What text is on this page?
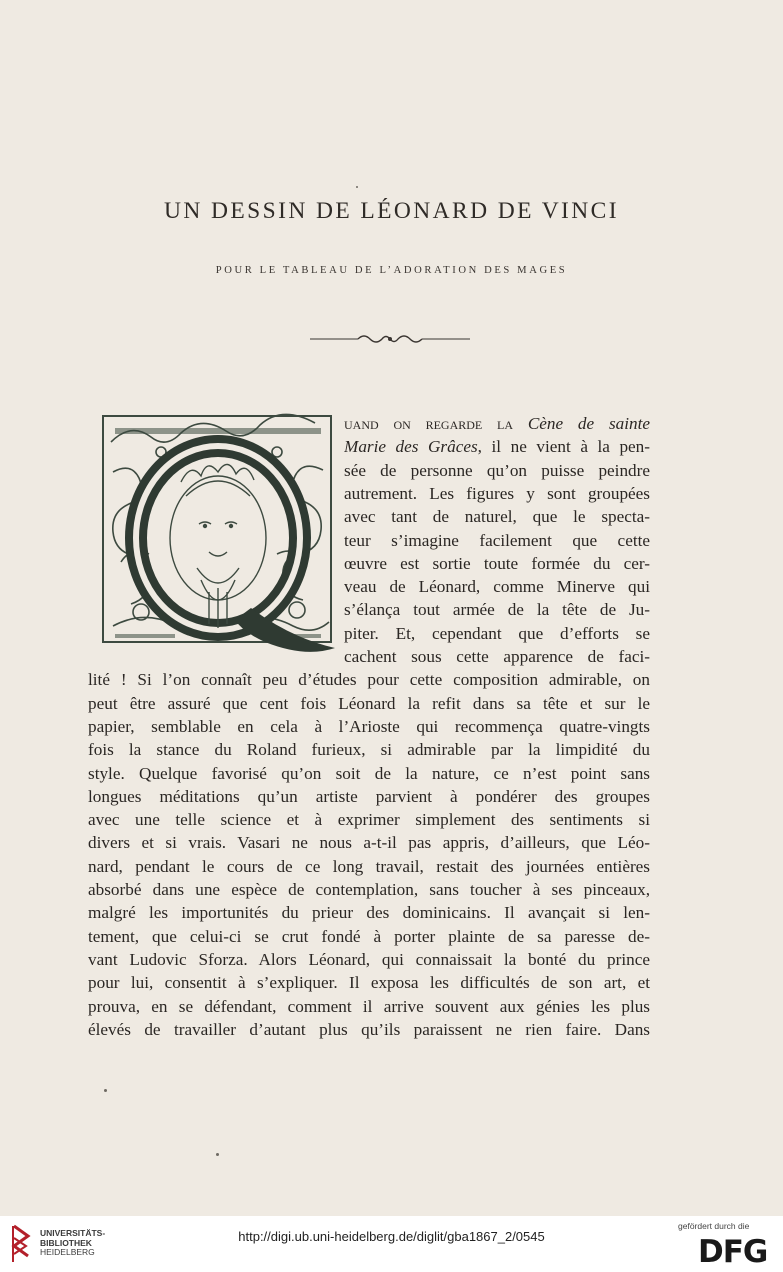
UN DESSIN DE LÉONARD DE VINCI
POUR LE TABLEAU DE L’ADORATION DES MAGES
uand on regarde la Cène de sainte
Marie des Grâces, il ne vient à la pen-
sée de personne qu’on puisse peindre
autrement. Les figures y sont groupées
avec tant de naturel, que le specta-
teur s’imagine facilement que cette
œuvre est sortie toute formée du cer-
veau de Léonard, comme Minerve qui
s’élança tout armée de la tête de Ju-
piter. Et, cependant que d’efforts se
cachent sous cette apparence de faci-
lité ! Si l’on connaît peu d’études pour cette composition admirable, on
peut être assuré que cent fois Léonard la refit dans sa tête et sur le
papier, semblable en cela à l’Arioste qui recommença quatre-vingts
fois la stance du Roland furieux, si admirable par la limpidité du
style. Quelque favorisé qu’on soit de la nature, ce n’est point sans
longues méditations qu’un artiste parvient à pondérer des groupes
avec une telle science et à exprimer simplement des sentiments si
divers et si vrais. Vasari ne nous a-t-il pas appris, d’ailleurs, que Léo-
nard, pendant le cours de ce long travail, restait des journées entières
absorbé dans une espèce de contemplation, sans toucher à ses pinceaux,
malgré les importunités du prieur des dominicains. Il avançait si len-
tement, que celui-ci se crut fondé à porter plainte de sa paresse de-
vant Ludovic Sforza. Alors Léonard, qui connaissait la bonté du prince
pour lui, consentit à s’expliquer. Il exposa les difficultés de son art, et
prouva, en se défendant, comment il arrive souvent aux génies les plus
élevés de travailler d’autant plus qu’ils paraissent ne rien faire. Dans
UNIVERSITÄTS-
BIBLIOTHEK
HEIDELBERG
http://digi.ub.uni-heidelberg.de/diglit/gba1867_2/0545
gefördert durch die
DFG
